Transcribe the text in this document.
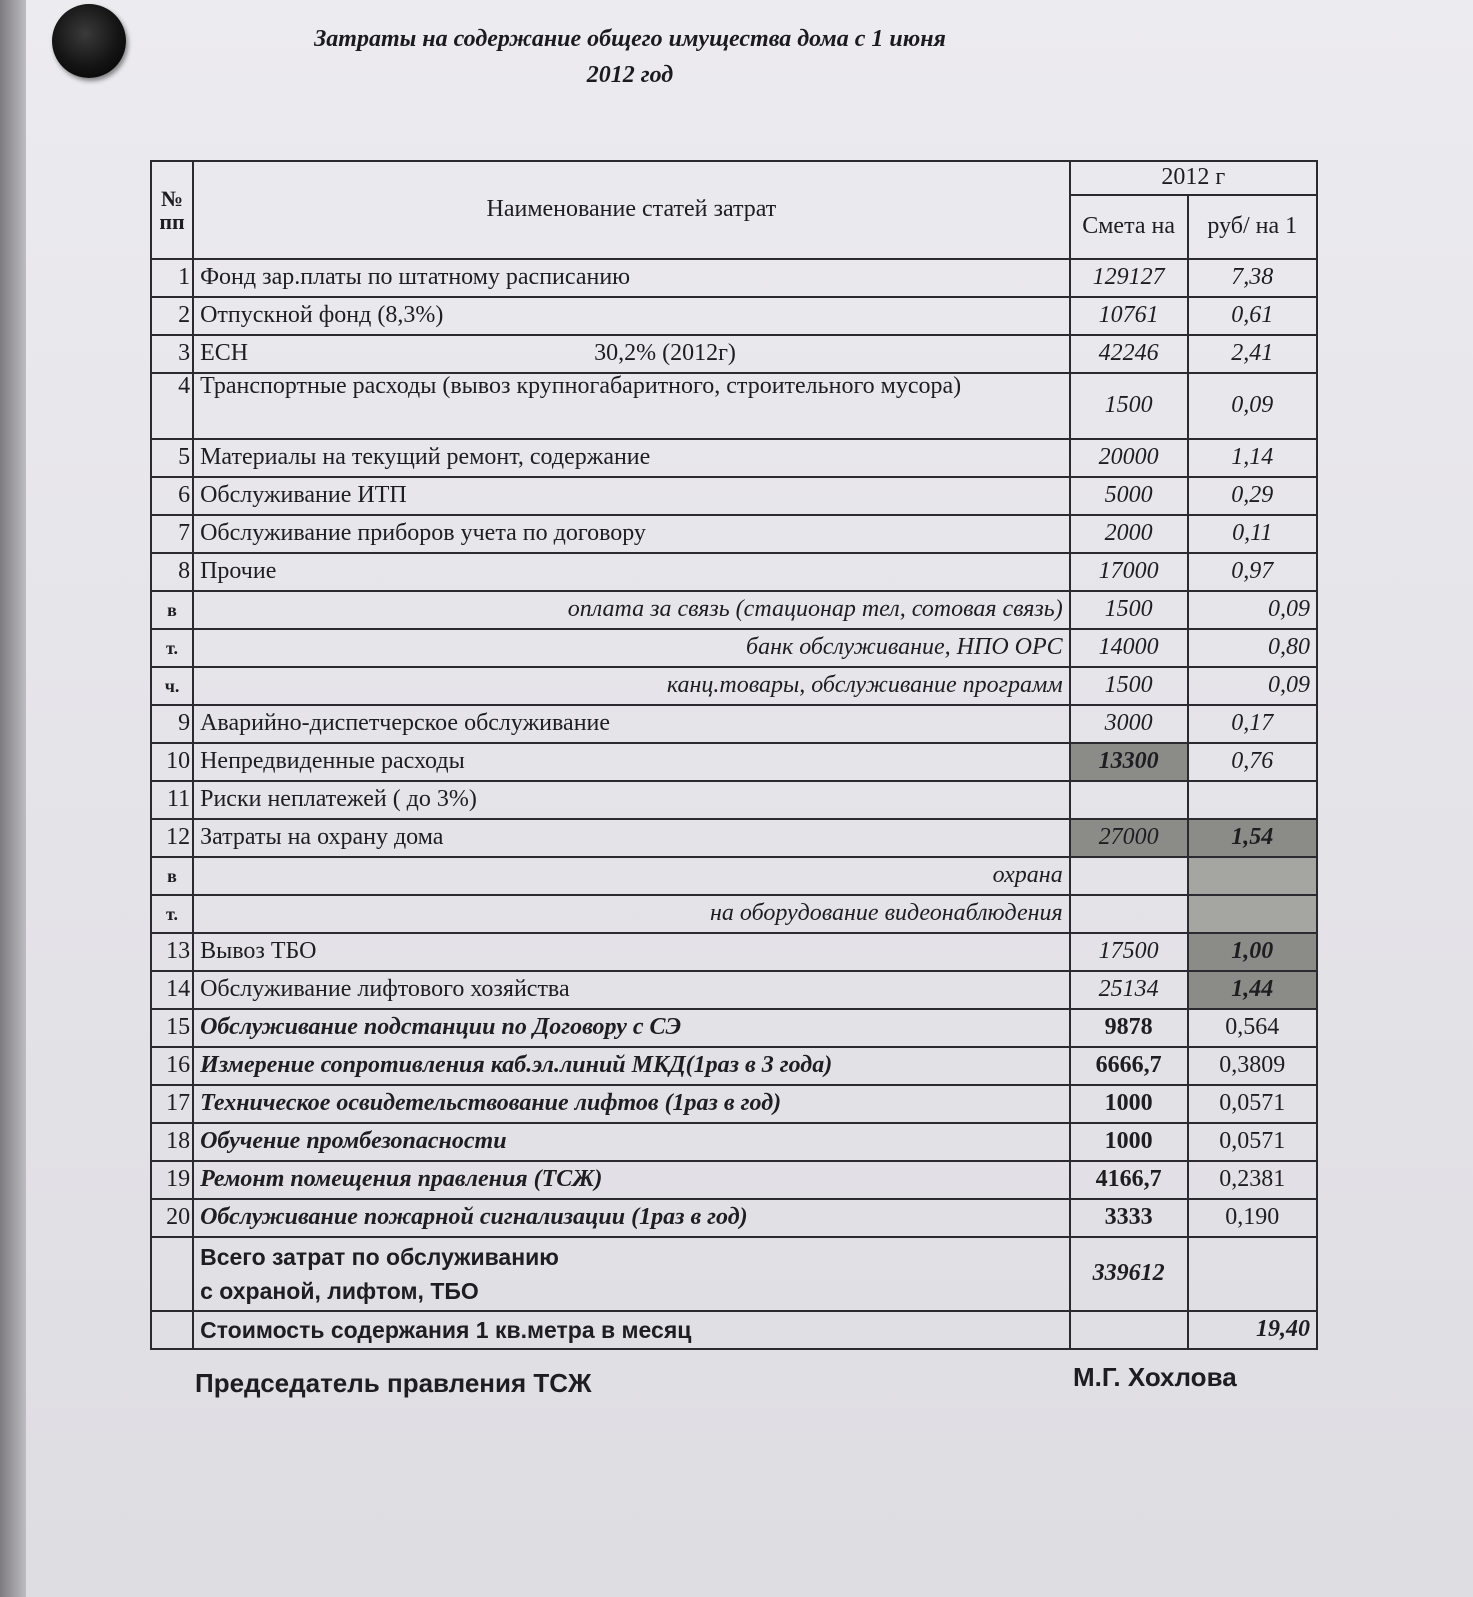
Затраты на содержание общего имущества дома с 1 июня
2012 год
№ пп	Наименование статей затрат	2012 г	
		Смета на	руб/ на 1
1	Фонд зар.платы по штатному расписанию	129127	7,38
2	Отпускной фонд (8,3%)	10761	0,61
3	ЕСН 30,2% (2012г)	42246	2,41
4	Транспортные расходы (вывоз крупногабаритного, строительного мусора)	1500	0,09
5	Материалы на текущий ремонт, содержание	20000	1,14
6	Обслуживание ИТП	5000	0,29
7	Обслуживание приборов учета по договору	2000	0,11
8	Прочие	17000	0,97
в	оплата за связь (стационар тел, сотовая связь)	1500	0,09
т.	банк обслуживание, НПО ОРС	14000	0,80
ч.	канц.товары, обслуживание программ	1500	0,09
9	Аварийно-диспетчерское обслуживание	3000	0,17
10	Непредвиденные расходы	13300	0,76
11	Риски неплатежей ( до 3%)		
12	Затраты на охрану дома	27000	1,54
в	охрана		
т.	на оборудование видеонаблюдения		
13	Вывоз ТБО	17500	1,00
14	Обслуживание лифтового хозяйства	25134	1,44
15	Обслуживание подстанции по Договору с СЭ	9878	0,564
16	Измерение сопротивления каб.эл.линий МКД(1раз в 3 года)	6666,7	0,3809
17	Техническое освидетельствование лифтов (1раз в год)	1000	0,0571
18	Обучение промбезопасности	1000	0,0571
19	Ремонт помещения правления (ТСЖ)	4166,7	0,2381
20	Обслуживание пожарной сигнализации (1раз в год)	3333	0,190

	Всего затрат по обслуживанию
с охраной, лифтом, ТБО	339612	
	Стоимость содержания 1 кв.метра в месяц		19,40
Председатель правления ТСЖ	М.Г. Хохлова
